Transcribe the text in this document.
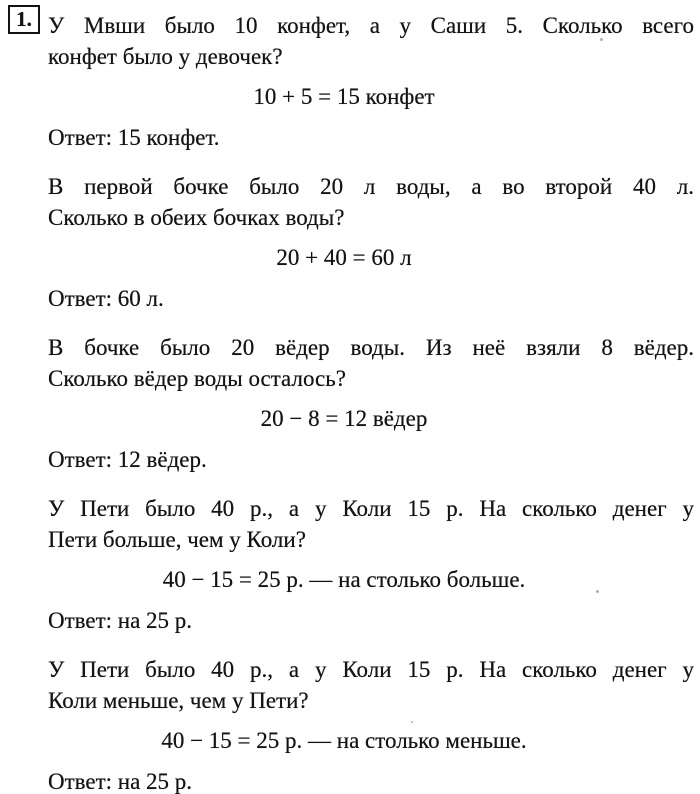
1. У Мвши было 10 конфет, а у Саши 5. Сколько всего
конфет было у девочек?

10 + 5 = 15 конфет
Ответ: 15 конфет.

В первой бочке было 20 л воды, а во второй 40 л.
Сколько в обеих бочках воды?

20 + 40 = 60 л
Ответ: 60 л.

В бочке было 20 вёдер воды. Из неё взяли 8 вёдер.
Сколько вёдер воды осталось?

20 − 8 = 12 вёдер
Ответ: 12 вёдер.

У Пети было 40 р., а у Коли 15 р. На сколько денег у
Пети больше, чем у Коли?

40 − 15 = 25 р. — на столько больше.
Ответ: на 25 р.

У Пети было 40 р., а у Коли 15 р. На сколько денег у
Коли меньше, чем у Пети?

40 − 15 = 25 р. — на столько меньше.
Ответ: на 25 р.
